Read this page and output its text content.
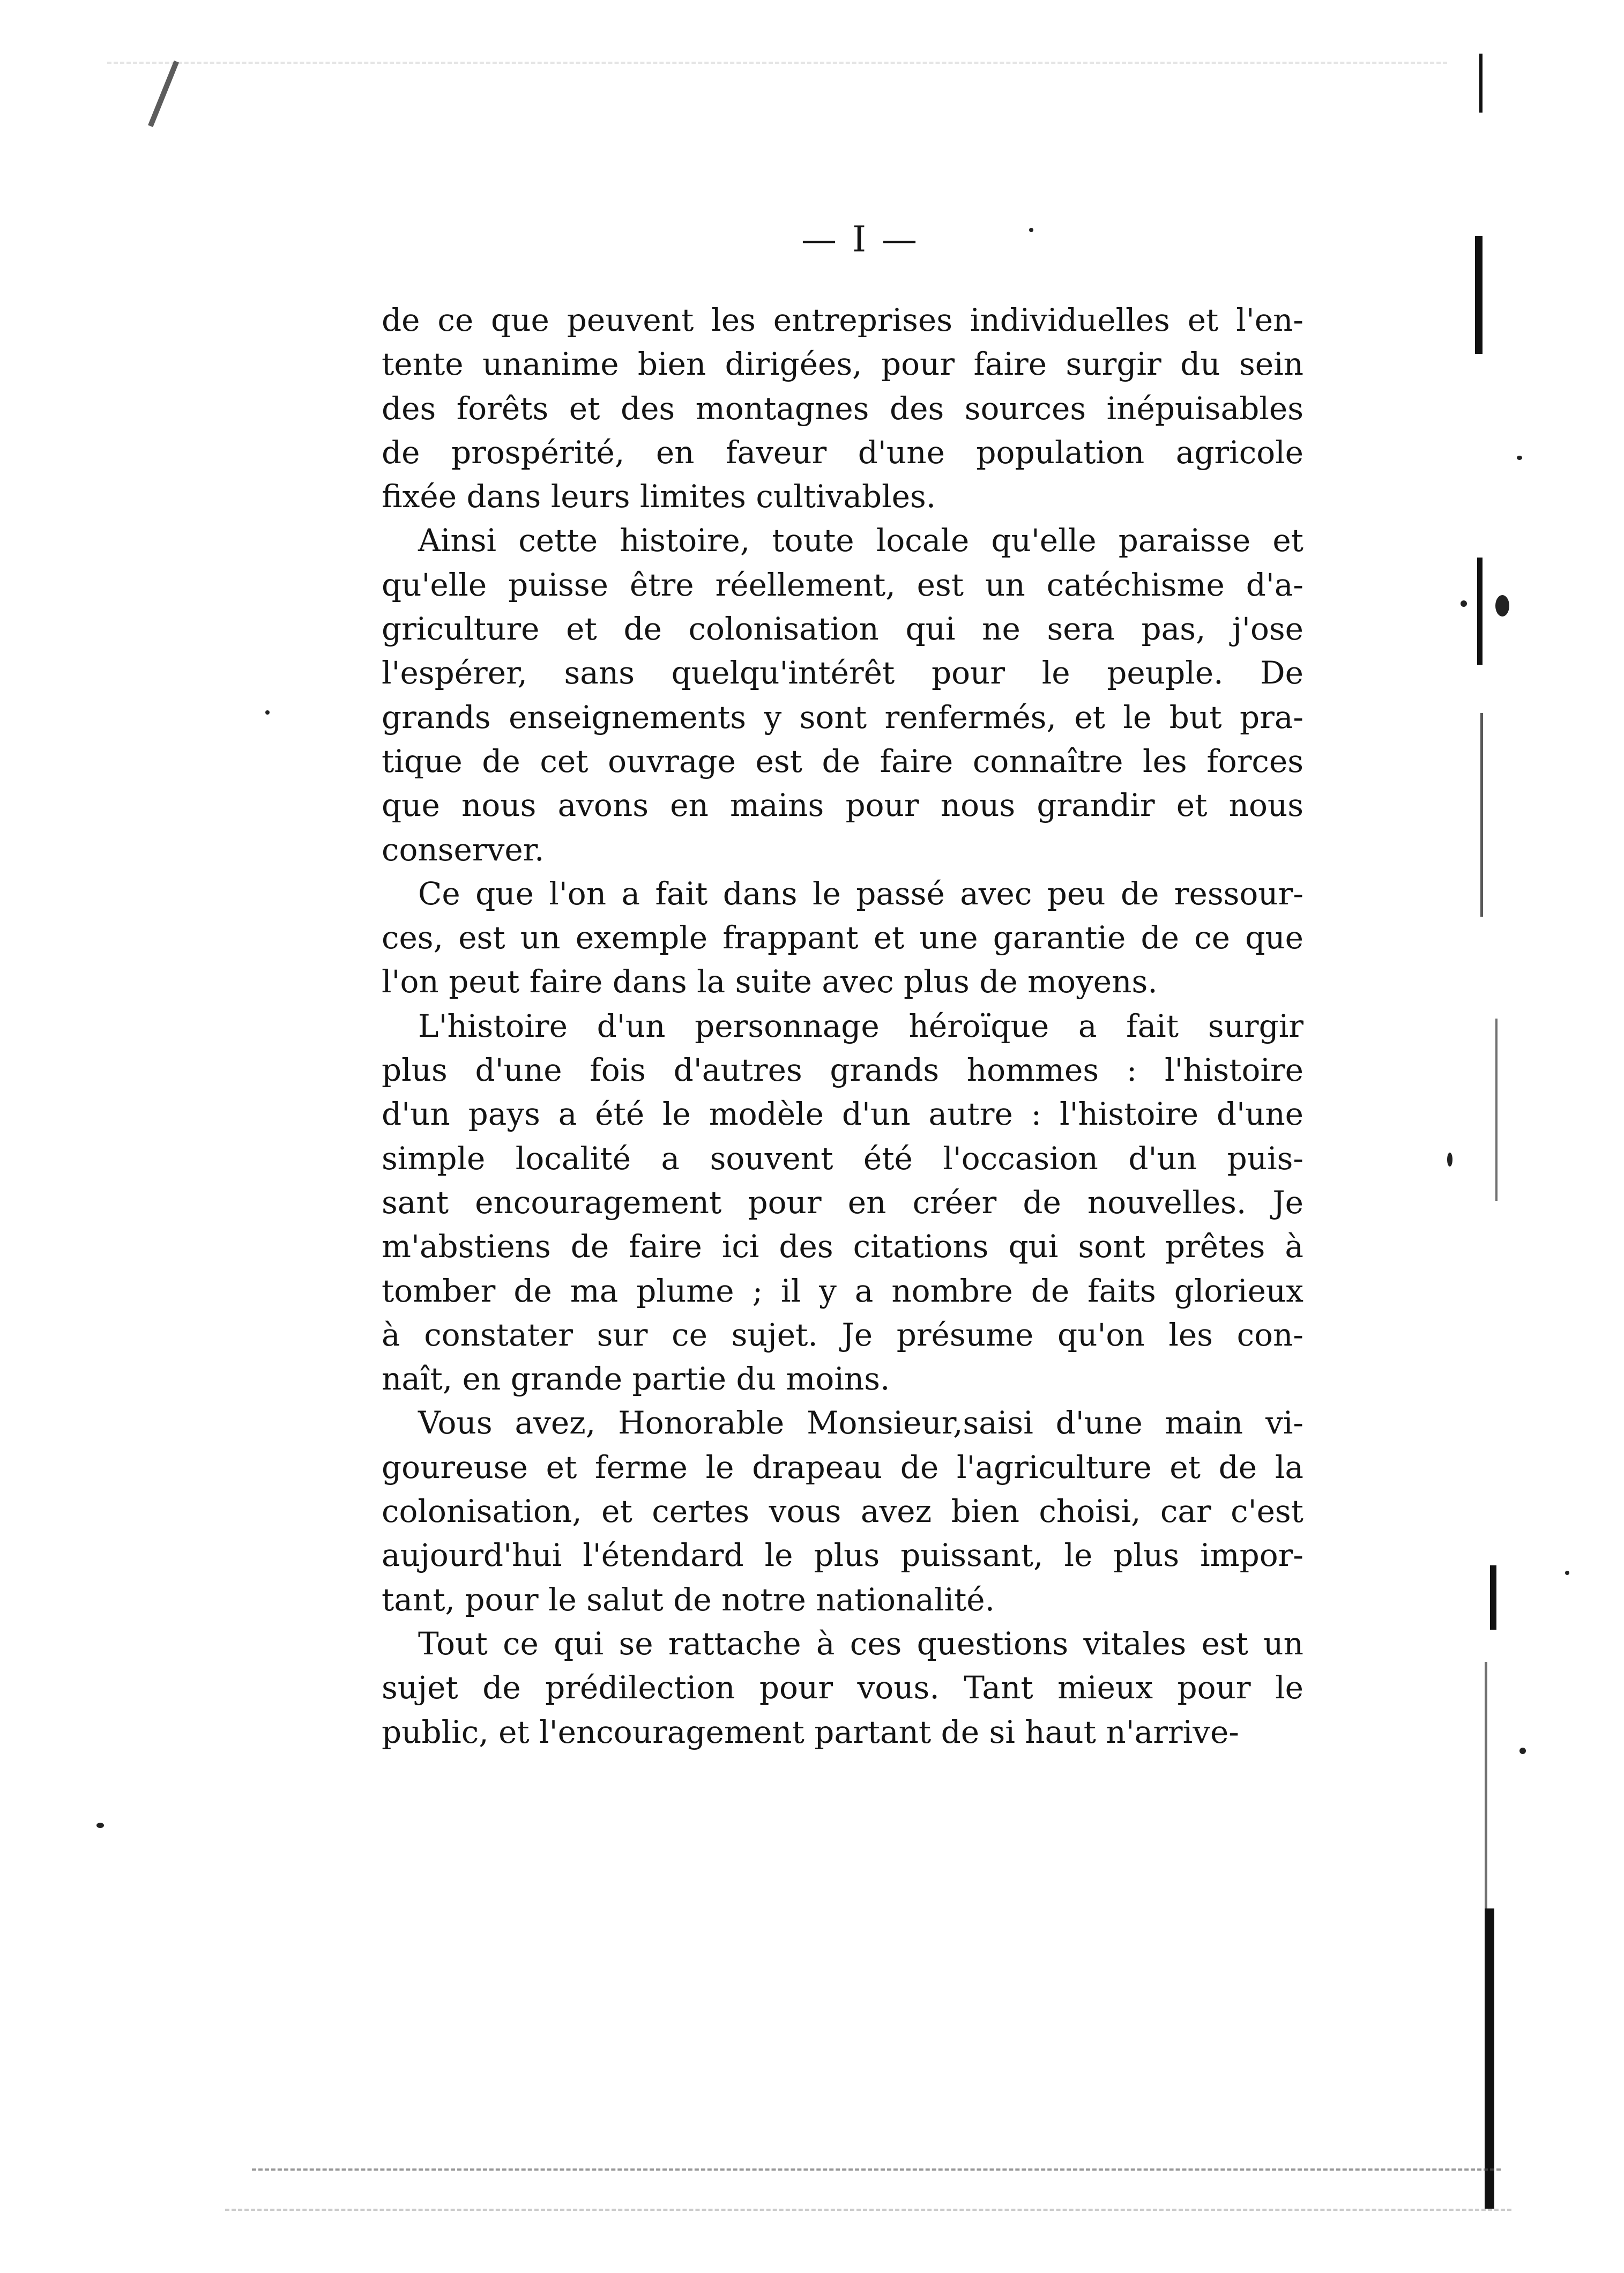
— I —
de ce que peuvent les entreprises individuelles et l'en-
tente unanime bien dirigées, pour faire surgir du sein
des forêts et des montagnes des sources inépuisables
de prospérité, en faveur d'une population agricole
fixée dans leurs limites cultivables.
Ainsi cette histoire, toute locale qu'elle paraisse et
qu'elle puisse être réellement, est un catéchisme d'a-
griculture et de colonisation qui ne sera pas, j'ose
l'espérer, sans quelqu'intérêt pour le peuple. De
grands enseignements y sont renfermés, et le but pra-
tique de cet ouvrage est de faire connaître les forces
que nous avons en mains pour nous grandir et nous
conserver.
Ce que l'on a fait dans le passé avec peu de ressour-
ces, est un exemple frappant et une garantie de ce que
l'on peut faire dans la suite avec plus de moyens.
L'histoire d'un personnage héroïque a fait surgir
plus d'une fois d'autres grands hommes : l'histoire
d'un pays a été le modèle d'un autre : l'histoire d'une
simple localité a souvent été l'occasion d'un puis-
sant encouragement pour en créer de nouvelles. Je
m'abstiens de faire ici des citations qui sont prêtes à
tomber de ma plume ; il y a nombre de faits glorieux
à constater sur ce sujet. Je présume qu'on les con-
naît, en grande partie du moins.
Vous avez, Honorable Monsieur,saisi d'une main vi-
goureuse et ferme le drapeau de l'agriculture et de la
colonisation, et certes vous avez bien choisi, car c'est
aujourd'hui l'étendard le plus puissant, le plus impor-
tant, pour le salut de notre nationalité.
Tout ce qui se rattache à ces questions vitales est un
sujet de prédilection pour vous. Tant mieux pour le
public, et l'encouragement partant de si haut n'arrive-
